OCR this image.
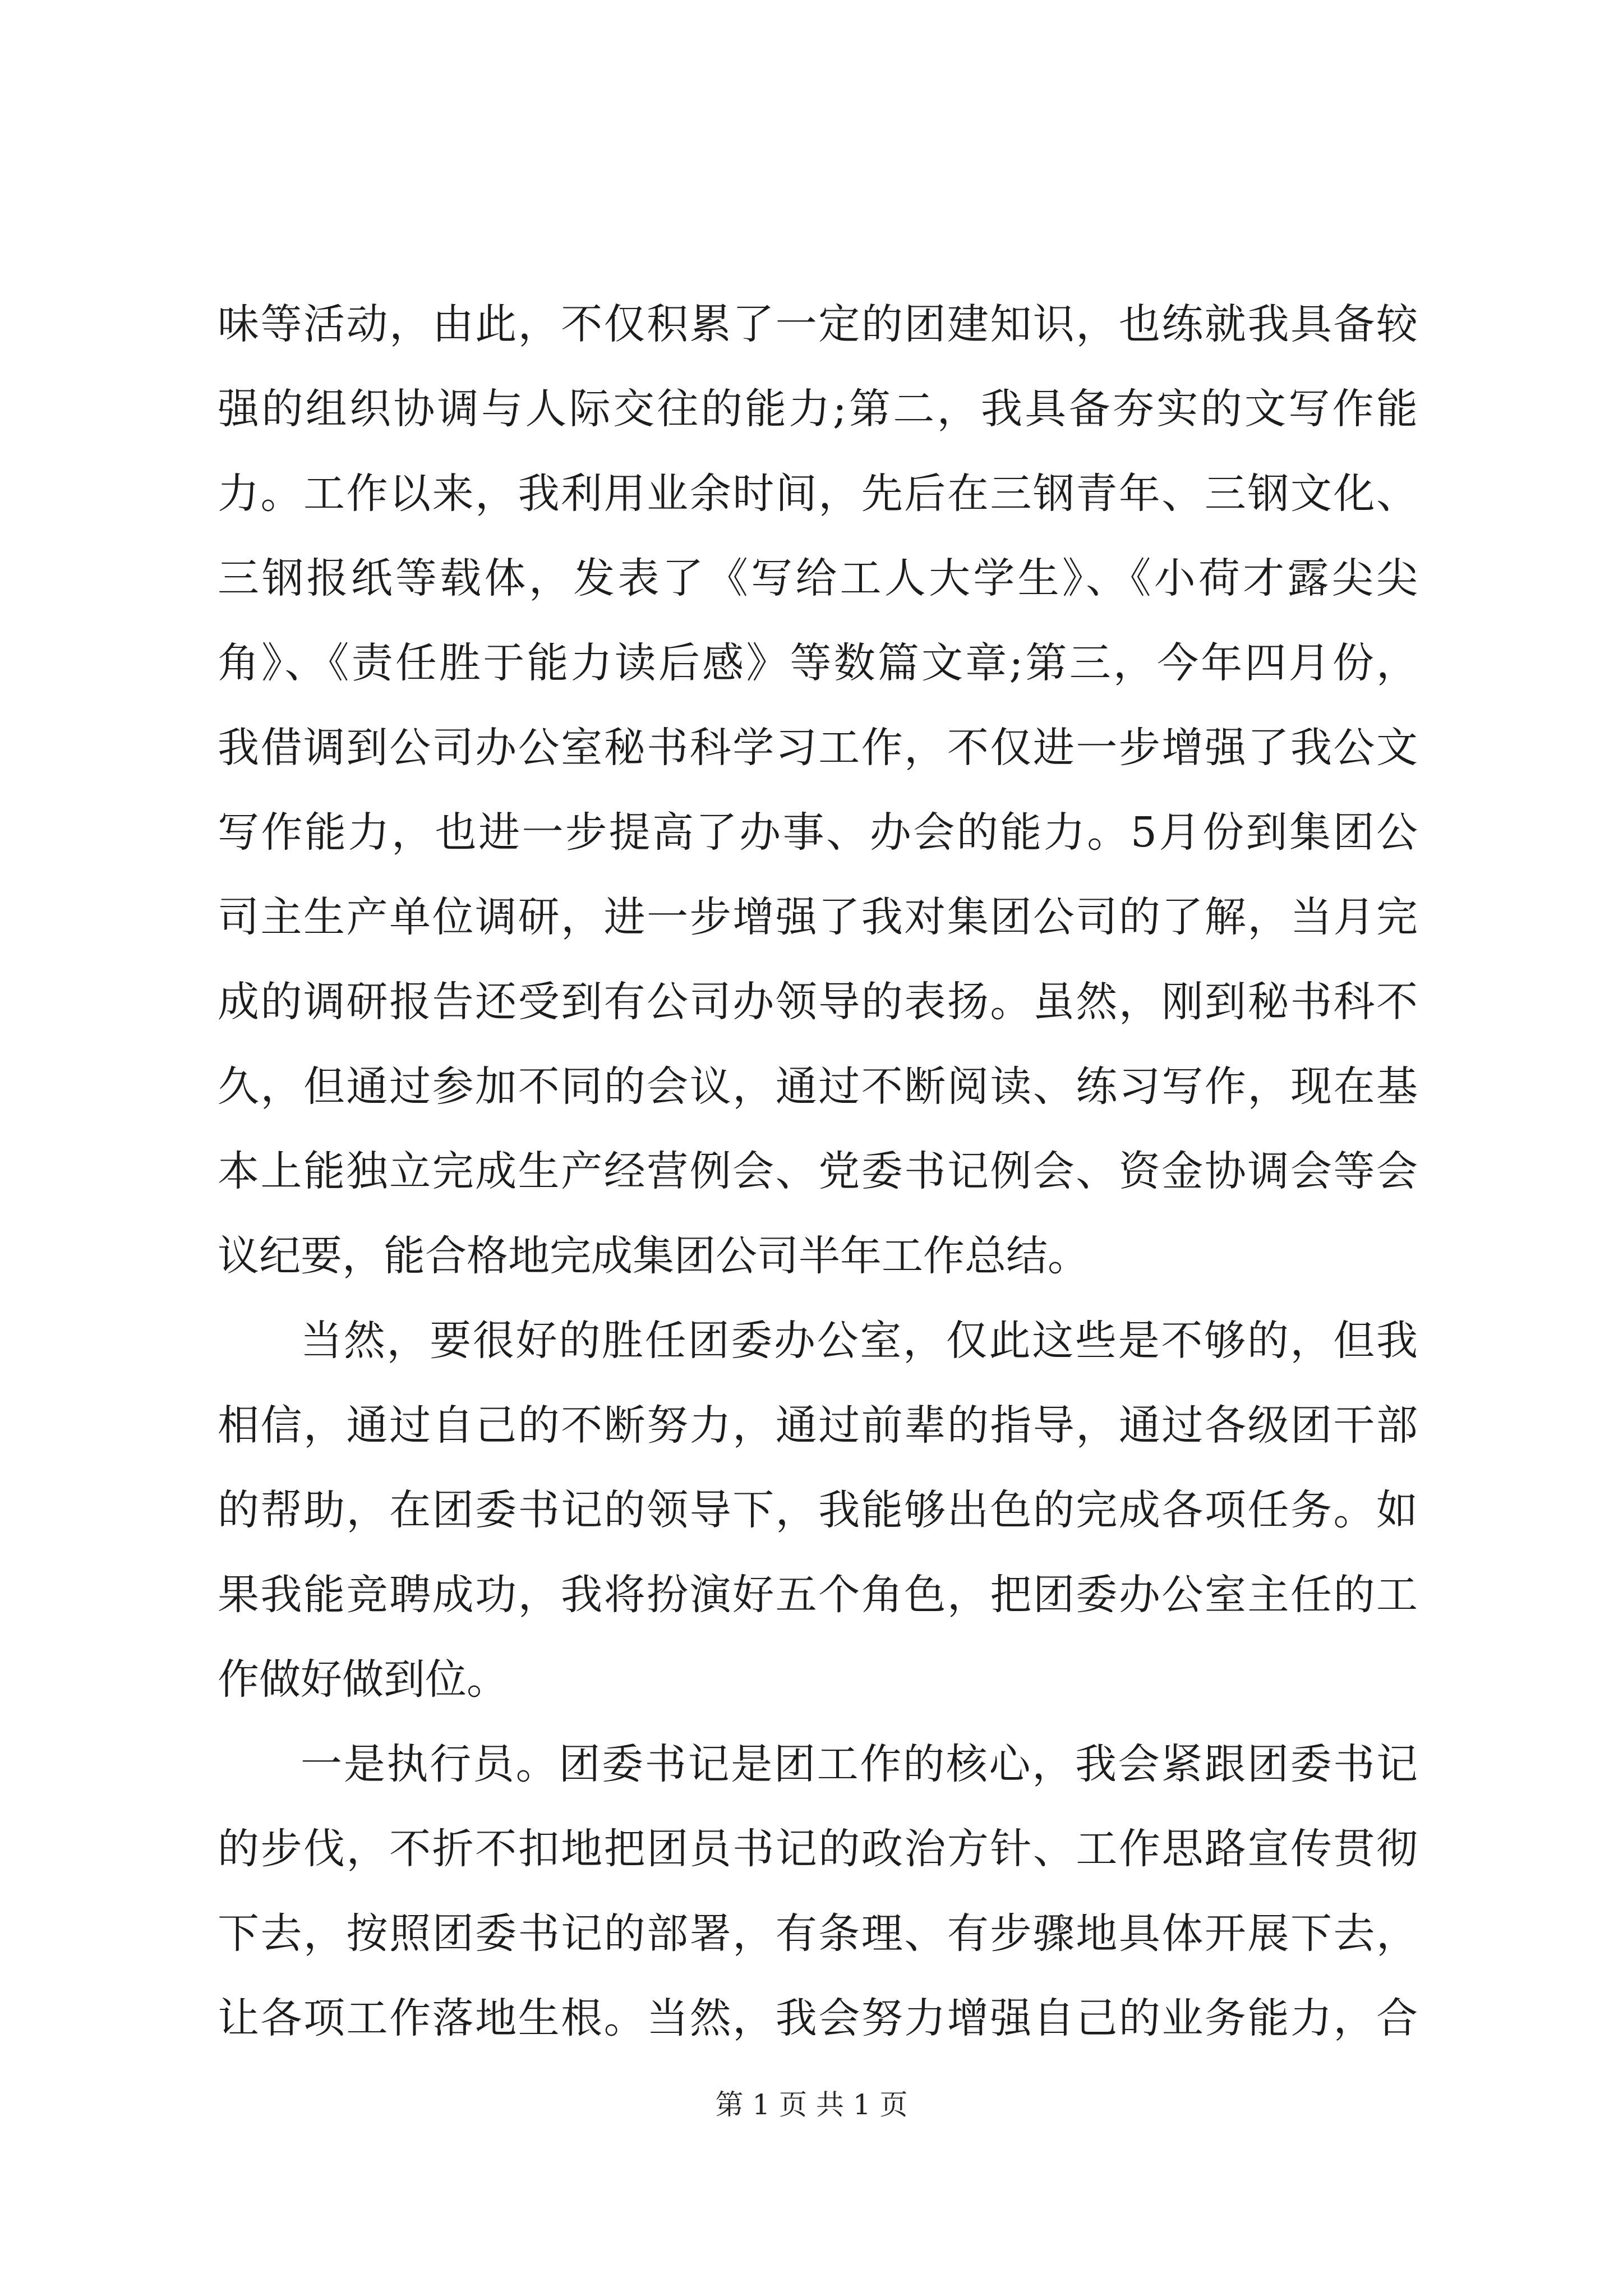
味等活动，由此，不仅积累了一定的团建知识，也练就我具备较
强的组织协调与人际交往的能力;第二，我具备夯实的文写作能
力。工作以来，我利用业余时间，先后在三钢青年、三钢文化、
三钢报纸等载体，发表了《写给工人大学生》、《小荷才露尖尖
角》、《责任胜于能力读后感》等数篇文章;第三，今年四月份，
我借调到公司办公室秘书科学习工作，不仅进一步增强了我公文
写作能力，也进一步提高了办事、办会的能力。5月份到集团公
司主生产单位调研，进一步增强了我对集团公司的了解，当月完
成的调研报告还受到有公司办领导的表扬。虽然，刚到秘书科不
久，但通过参加不同的会议，通过不断阅读、练习写作，现在基
本上能独立完成生产经营例会、党委书记例会、资金协调会等会
议纪要，能合格地完成集团公司半年工作总结。
当然，要很好的胜任团委办公室，仅此这些是不够的，但我
相信，通过自己的不断努力，通过前辈的指导，通过各级团干部
的帮助，在团委书记的领导下，我能够出色的完成各项任务。如
果我能竞聘成功，我将扮演好五个角色，把团委办公室主任的工
作做好做到位。
一是执行员。团委书记是团工作的核心，我会紧跟团委书记
的步伐，不折不扣地把团员书记的政治方针、工作思路宣传贯彻
下去，按照团委书记的部署，有条理、有步骤地具体开展下去，
让各项工作落地生根。当然，我会努力增强自己的业务能力，合
第 1 页 共 1 页
